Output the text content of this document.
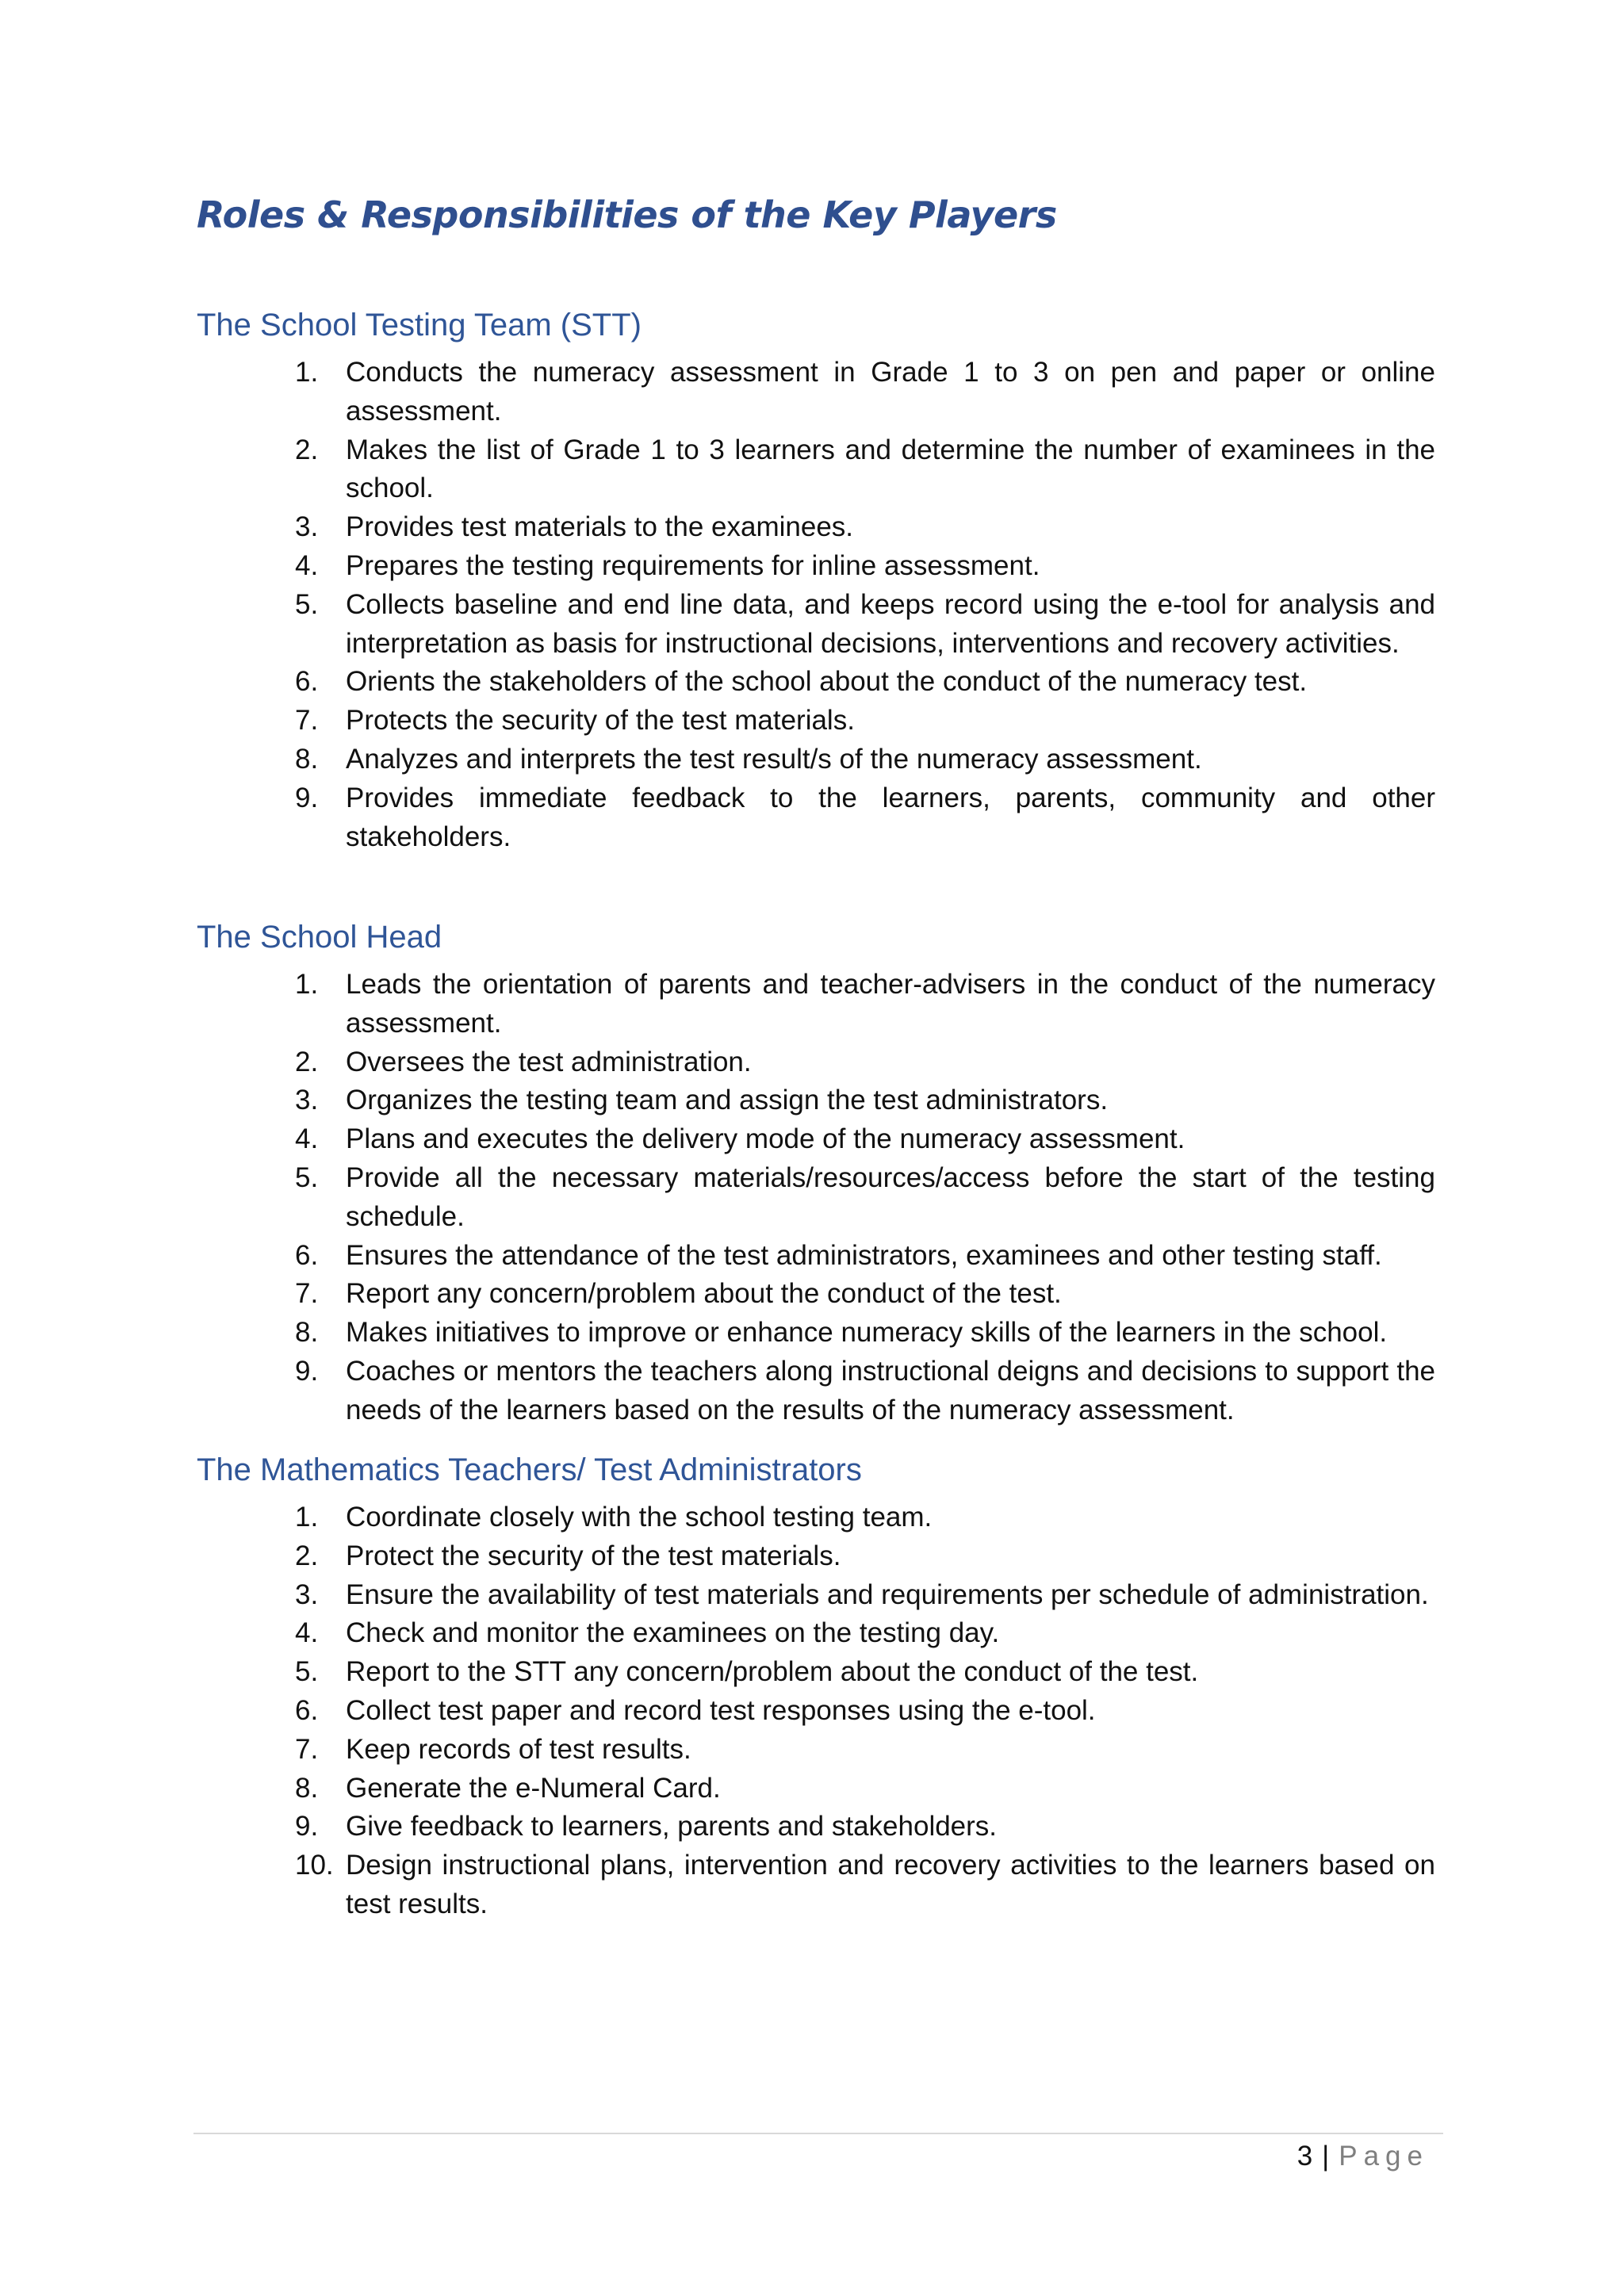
Roles & Responsibilities of the Key Players
The School Testing Team (STT)
1. Conducts the numeracy assessment in Grade 1 to 3 on pen and paper or online assessment.
2. Makes the list of Grade 1 to 3 learners and determine the number of examinees in the school.
3. Provides test materials to the examinees.
4. Prepares the testing requirements for inline assessment.
5. Collects baseline and end line data, and keeps record using the e-tool for analysis and interpretation as basis for instructional decisions, interventions and recovery activities.
6. Orients the stakeholders of the school about the conduct of the numeracy test.
7. Protects the security of the test materials.
8. Analyzes and interprets the test result/s of the numeracy assessment.
9. Provides immediate feedback to the learners, parents, community and other stakeholders.
The School Head
1. Leads the orientation of parents and teacher-advisers in the conduct of the numeracy assessment.
2. Oversees the test administration.
3. Organizes the testing team and assign the test administrators.
4. Plans and executes the delivery mode of the numeracy assessment.
5. Provide all the necessary materials/resources/access before the start of the testing schedule.
6. Ensures the attendance of the test administrators, examinees and other testing staff.
7. Report any concern/problem about the conduct of the test.
8. Makes initiatives to improve or enhance numeracy skills of the learners in the school.
9. Coaches or mentors the teachers along instructional deigns and decisions to support the needs of the learners based on the results of the numeracy assessment.
The Mathematics Teachers/ Test Administrators
1. Coordinate closely with the school testing team.
2. Protect the security of the test materials.
3. Ensure the availability of test materials and requirements per schedule of administration.
4. Check and monitor the examinees on the testing day.
5. Report to the STT any concern/problem about the conduct of the test.
6. Collect test paper and record test responses using the e-tool.
7. Keep records of test results.
8. Generate the e-Numeral Card.
9. Give feedback to learners, parents and stakeholders.
10. Design instructional plans, intervention and recovery activities to the learners based on test results.
3 | Page
